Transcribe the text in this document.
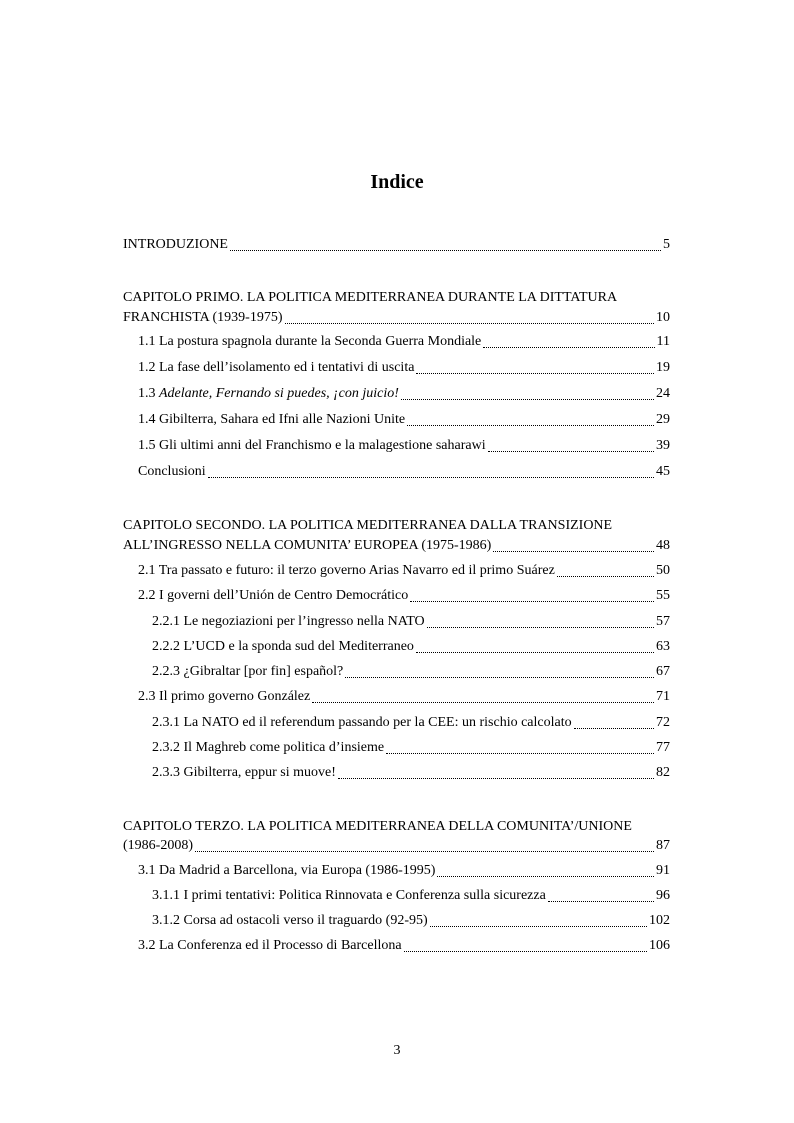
Indice
INTRODUZIONE	5
CAPITOLO PRIMO. LA POLITICA MEDITERRANEA DURANTE LA DITTATURA
FRANCHISTA (1939-1975)	10
1.1 La postura spagnola durante la Seconda Guerra Mondiale	11
1.2 La fase dell’isolamento ed i tentativi di uscita	19
1.3 Adelante, Fernando si puedes, ¡con juicio!	24
1.4 Gibilterra, Sahara ed Ifni alle Nazioni Unite	29
1.5 Gli ultimi anni del Franchismo e la malagestione saharawi	39
Conclusioni	45
CAPITOLO SECONDO. LA POLITICA MEDITERRANEA DALLA TRANSIZIONE
ALL’INGRESSO NELLA COMUNITA’ EUROPEA (1975-1986)	48
2.1 Tra passato e futuro: il terzo governo Arias Navarro ed il primo Suárez	50
2.2 I governi dell’Unión de Centro Democrático	55
2.2.1 Le negoziazioni per l’ingresso nella NATO	57
2.2.2 L’UCD e la sponda sud del Mediterraneo	63
2.2.3 ¿Gibraltar [por fin] español?	67
2.3 Il primo governo González	71
2.3.1 La NATO ed il referendum passando per la CEE: un rischio calcolato	72
2.3.2 Il Maghreb come politica d’insieme	77
2.3.3 Gibilterra, eppur si muove!	82
CAPITOLO TERZO. LA POLITICA MEDITERRANEA DELLA COMUNITA’/UNIONE
(1986-2008)	87
3.1 Da Madrid a Barcellona, via Europa (1986-1995)	91
3.1.1 I primi tentativi: Politica Rinnovata e Conferenza sulla sicurezza	96
3.1.2 Corsa ad ostacoli verso il traguardo (92-95)	102
3.2 La Conferenza ed il Processo di Barcellona	106
3
